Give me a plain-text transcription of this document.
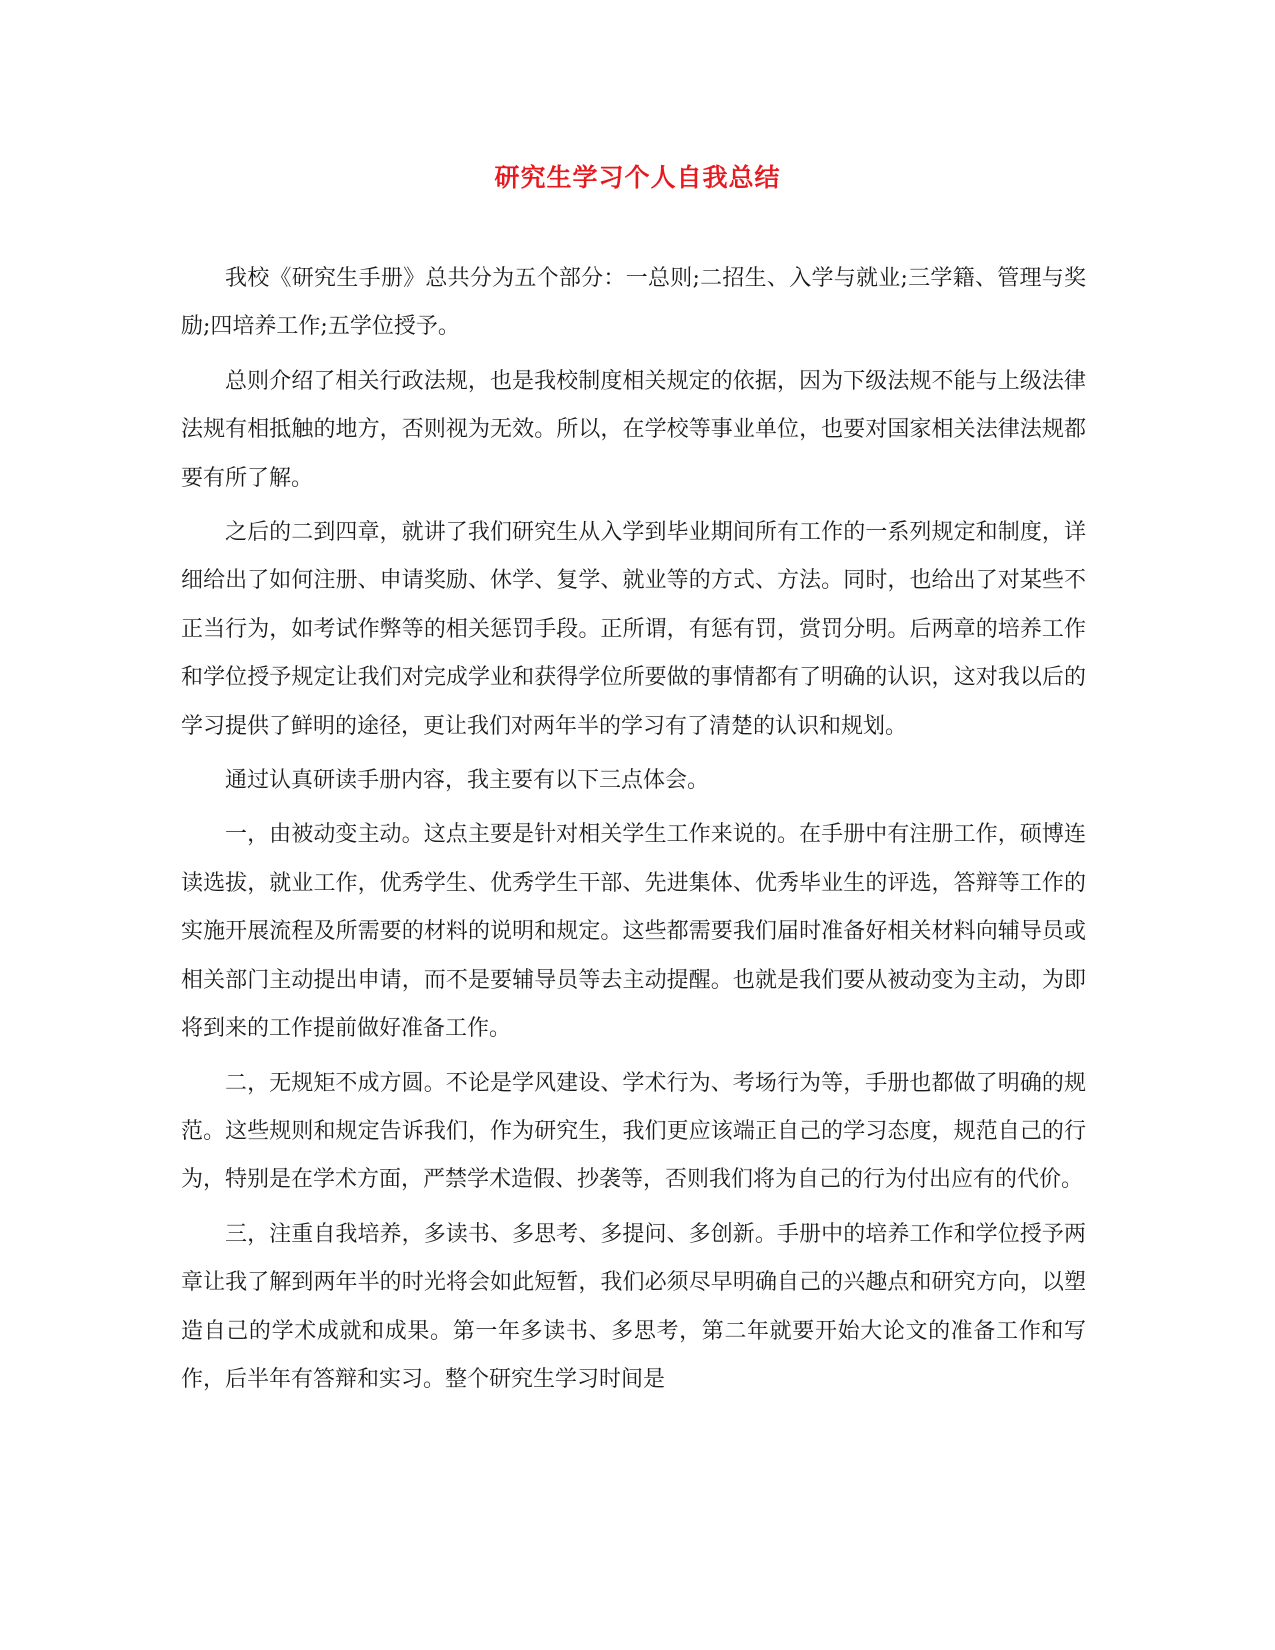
研究生学习个人自我总结

我校《研究生手册》总共分为五个部分：一总则;二招生、入学与就业;三学籍、管理与奖励;四培养工作;五学位授予。

总则介绍了相关行政法规，也是我校制度相关规定的依据，因为下级法规不能与上级法律法规有相抵触的地方，否则视为无效。所以，在学校等事业单位，也要对国家相关法律法规都要有所了解。

之后的二到四章，就讲了我们研究生从入学到毕业期间所有工作的一系列规定和制度，详细给出了如何注册、申请奖励、休学、复学、就业等的方式、方法。同时，也给出了对某些不正当行为，如考试作弊等的相关惩罚手段。正所谓，有惩有罚，赏罚分明。后两章的培养工作和学位授予规定让我们对完成学业和获得学位所要做的事情都有了明确的认识，这对我以后的学习提供了鲜明的途径，更让我们对两年半的学习有了清楚的认识和规划。

通过认真研读手册内容，我主要有以下三点体会。

一，由被动变主动。这点主要是针对相关学生工作来说的。在手册中有注册工作，硕博连读选拔，就业工作，优秀学生、优秀学生干部、先进集体、优秀毕业生的评选，答辩等工作的实施开展流程及所需要的材料的说明和规定。这些都需要我们届时准备好相关材料向辅导员或相关部门主动提出申请，而不是要辅导员等去主动提醒。也就是我们要从被动变为主动，为即将到来的工作提前做好准备工作。

二，无规矩不成方圆。不论是学风建设、学术行为、考场行为等，手册也都做了明确的规范。这些规则和规定告诉我们，作为研究生，我们更应该端正自己的学习态度，规范自己的行为，特别是在学术方面，严禁学术造假、抄袭等，否则我们将为自己的行为付出应有的代价。

三，注重自我培养，多读书、多思考、多提问、多创新。手册中的培养工作和学位授予两章让我了解到两年半的时光将会如此短暂，我们必须尽早明确自己的兴趣点和研究方向，以塑造自己的学术成就和成果。第一年多读书、多思考，第二年就要开始大论文的准备工作和写作，后半年有答辩和实习。整个研究生学习时间是
